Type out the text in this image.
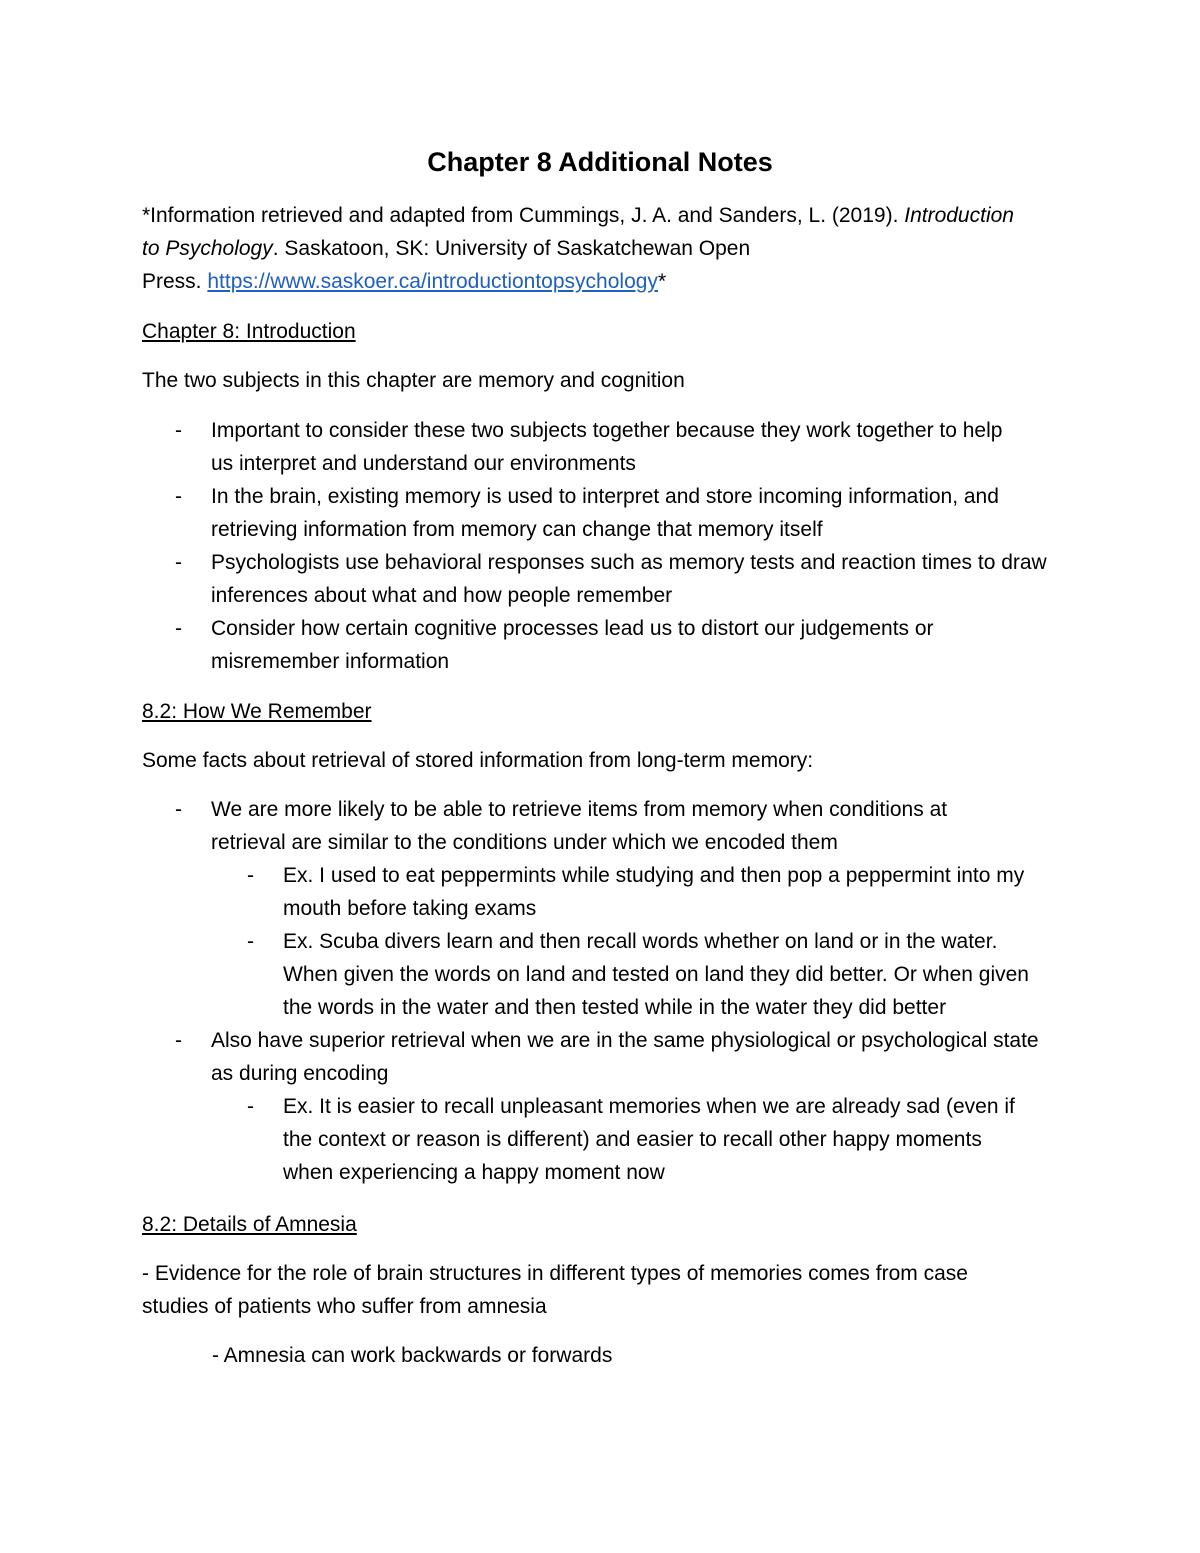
Chapter 8 Additional Notes
*Information retrieved and adapted from Cummings, J. A. and Sanders, L. (2019). Introduction
to Psychology. Saskatoon, SK: University of Saskatchewan Open
Press. https://www.saskoer.ca/introductiontopsychology*
Chapter 8: Introduction
The two subjects in this chapter are memory and cognition
- Important to consider these two subjects together because they work together to help
us interpret and understand our environments
- In the brain, existing memory is used to interpret and store incoming information, and
retrieving information from memory can change that memory itself
- Psychologists use behavioral responses such as memory tests and reaction times to draw
inferences about what and how people remember
- Consider how certain cognitive processes lead us to distort our judgements or
misremember information
8.2: How We Remember
Some facts about retrieval of stored information from long-term memory:
- We are more likely to be able to retrieve items from memory when conditions at
retrieval are similar to the conditions under which we encoded them
- Ex. I used to eat peppermints while studying and then pop a peppermint into my
mouth before taking exams
- Ex. Scuba divers learn and then recall words whether on land or in the water.
When given the words on land and tested on land they did better. Or when given
the words in the water and then tested while in the water they did better
- Also have superior retrieval when we are in the same physiological or psychological state
as during encoding
- Ex. It is easier to recall unpleasant memories when we are already sad (even if
the context or reason is different) and easier to recall other happy moments
when experiencing a happy moment now
8.2: Details of Amnesia
- Evidence for the role of brain structures in different types of memories comes from case
studies of patients who suffer from amnesia
- Amnesia can work backwards or forwards
